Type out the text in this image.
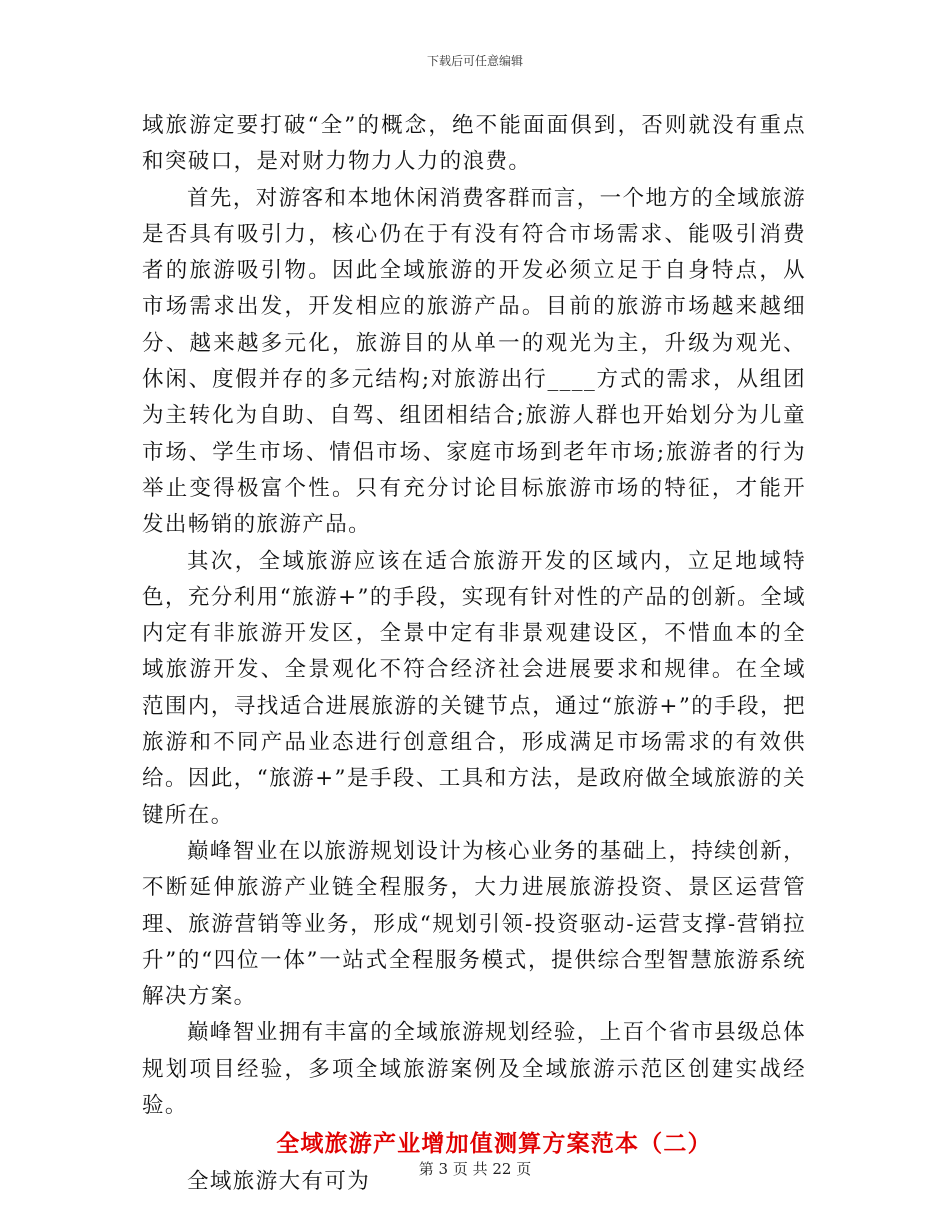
下载后可任意编辑

域旅游定要打破“全”的概念，绝不能面面俱到，否则就没有重点和突破口，是对财力物力人力的浪费。

首先，对游客和本地休闲消费客群而言，一个地方的全域旅游是否具有吸引力，核心仍在于有没有符合市场需求、能吸引消费者的旅游吸引物。因此全域旅游的开发必须立足于自身特点，从市场需求出发，开发相应的旅游产品。目前的旅游市场越来越细分、越来越多元化，旅游目的从单一的观光为主，升级为观光、休闲、度假并存的多元结构;对旅游出行____方式的需求，从组团为主转化为自助、自驾、组团相结合;旅游人群也开始划分为儿童市场、学生市场、情侣市场、家庭市场到老年市场;旅游者的行为举止变得极富个性。只有充分讨论目标旅游市场的特征，才能开发出畅销的旅游产品。

其次，全域旅游应该在适合旅游开发的区域内，立足地域特色，充分利用“旅游+”的手段，实现有针对性的产品的创新。全域内定有非旅游开发区，全景中定有非景观建设区，不惜血本的全域旅游开发、全景观化不符合经济社会进展要求和规律。在全域范围内，寻找适合进展旅游的关键节点，通过“旅游+”的手段，把旅游和不同产品业态进行创意组合，形成满足市场需求的有效供给。因此，“旅游+”是手段、工具和方法，是政府做全域旅游的关键所在。

巅峰智业在以旅游规划设计为核心业务的基础上，持续创新，不断延伸旅游产业链全程服务，大力进展旅游投资、景区运营管理、旅游营销等业务，形成“规划引领-投资驱动-运营支撑-营销拉升”的“四位一体”一站式全程服务模式，提供综合型智慧旅游系统解决方案。

巅峰智业拥有丰富的全域旅游规划经验，上百个省市县级总体规划项目经验，多项全域旅游案例及全域旅游示范区创建实战经验。

全域旅游产业增加值测算方案范本（二）

全域旅游大有可为

第 3 页 共 22 页
